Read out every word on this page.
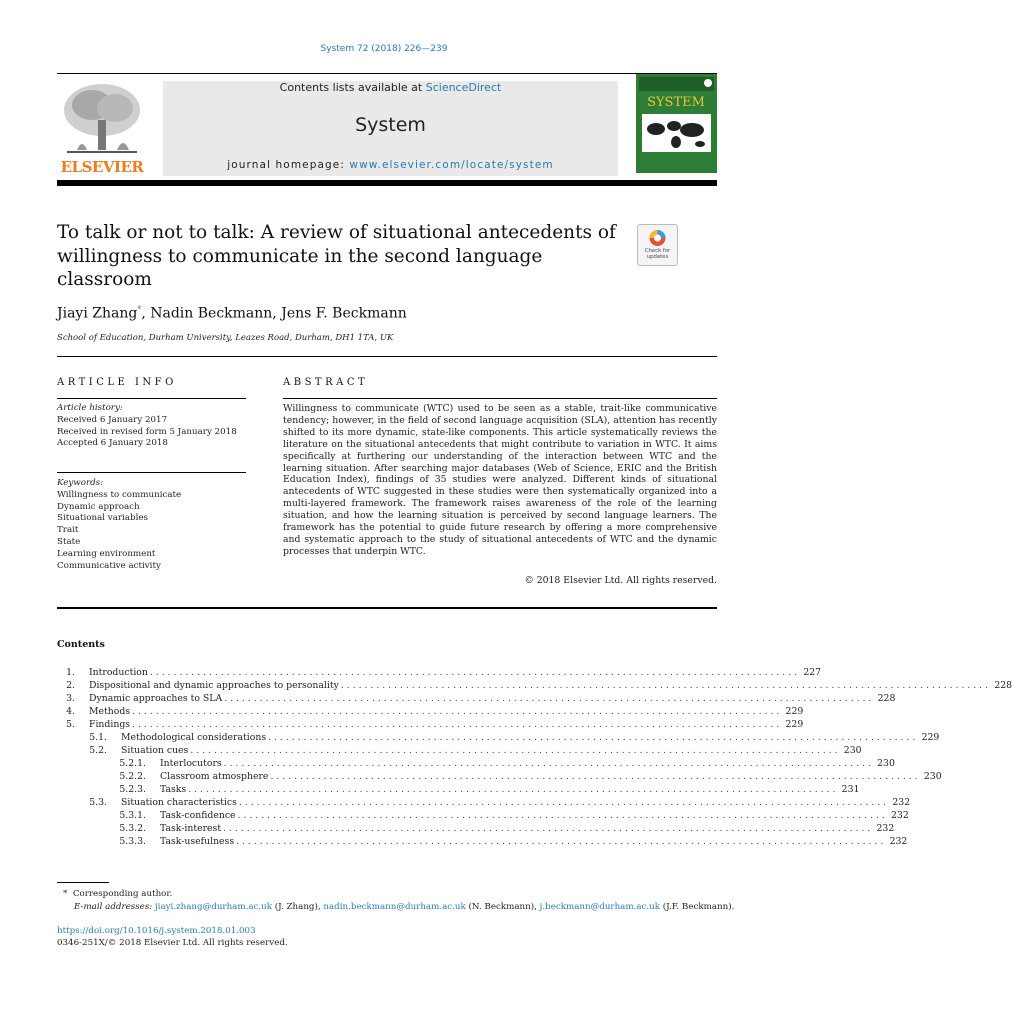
System 72 (2018) 226—239
ELSEVIER
Contents lists available at ScienceDirect
System
journal homepage: www.elsevier.com/locate/system
SYSTEM
To talk or not to talk: A review of situational antecedents of willingness to communicate in the second language classroom
Check for updates
Jiayi Zhang*, Nadin Beckmann, Jens F. Beckmann
School of Education, Durham University, Leazes Road, Durham, DH1 1TA, UK
ARTICLE INFO	ABSTRACT
Article history:
Received 6 January 2017
Received in revised form 5 January 2018
Accepted 6 January 2018
Keywords:
Willingness to communicate
Dynamic approach
Situational variables
Trait
State
Learning environment
Communicative activity
Willingness to communicate (WTC) used to be seen as a stable, trait-like communicative tendency; however, in the field of second language acquisition (SLA), attention has recently shifted to its more dynamic, state-like components. This article systematically reviews the literature on the situational antecedents that might contribute to variation in WTC. It aims specifically at furthering our understanding of the interaction between WTC and the learning situation. After searching major databases (Web of Science, ERIC and the British Education Index), findings of 35 studies were analyzed. Different kinds of situational antecedents of WTC suggested in these studies were then systematically organized into a multi-layered framework. The framework raises awareness of the role of the learning situation, and how the learning situation is perceived by second language learners. The framework has the potential to guide future research by offering a more comprehensive and systematic approach to the study of situational antecedents of WTC and the dynamic processes that underpin WTC.
© 2018 Elsevier Ltd. All rights reserved.
Contents
1.	Introduction . . . . . . . . . . . . . . . . . . . . . . . . . . . . . . . . . . . . . . . . . . . . . . . . . . . . . . . . . . . . . . . . . . . . . . . . . . . . . . . . . . . . . . . . . . . . . . . . . . . . . . . . . . . . . . 227
2.	Dispositional and dynamic approaches to personality . . . . . . . . . . . . . . . . . . . . . . . . . . . . . . . . . . . . . . . . . . . . . . . . . . . . . . . . . . . . . . . . . . . . . . . . . . . . . . . . . . . . . . . . . . . . . . . . . . . . . . . . . . . . . . 228
3.	Dynamic approaches to SLA . . . . . . . . . . . . . . . . . . . . . . . . . . . . . . . . . . . . . . . . . . . . . . . . . . . . . . . . . . . . . . . . . . . . . . . . . . . . . . . . . . . . . . . . . . . . . . . . . . . . . . . . . . . . . . 228
4.	Methods . . . . . . . . . . . . . . . . . . . . . . . . . . . . . . . . . . . . . . . . . . . . . . . . . . . . . . . . . . . . . . . . . . . . . . . . . . . . . . . . . . . . . . . . . . . . . . . . . . . . . . . . . . . . . . 229
5.	Findings . . . . . . . . . . . . . . . . . . . . . . . . . . . . . . . . . . . . . . . . . . . . . . . . . . . . . . . . . . . . . . . . . . . . . . . . . . . . . . . . . . . . . . . . . . . . . . . . . . . . . . . . . . . . . . 229
5.1.	Methodological considerations . . . . . . . . . . . . . . . . . . . . . . . . . . . . . . . . . . . . . . . . . . . . . . . . . . . . . . . . . . . . . . . . . . . . . . . . . . . . . . . . . . . . . . . . . . . . . . . . . . . . . . . . . . . . . . 229
5.2.	Situation cues . . . . . . . . . . . . . . . . . . . . . . . . . . . . . . . . . . . . . . . . . . . . . . . . . . . . . . . . . . . . . . . . . . . . . . . . . . . . . . . . . . . . . . . . . . . . . . . . . . . . . . . . . . . . . . 230
5.2.1.	Interlocutors . . . . . . . . . . . . . . . . . . . . . . . . . . . . . . . . . . . . . . . . . . . . . . . . . . . . . . . . . . . . . . . . . . . . . . . . . . . . . . . . . . . . . . . . . . . . . . . . . . . . . . . . . . . . . . 230
5.2.2.	Classroom atmosphere . . . . . . . . . . . . . . . . . . . . . . . . . . . . . . . . . . . . . . . . . . . . . . . . . . . . . . . . . . . . . . . . . . . . . . . . . . . . . . . . . . . . . . . . . . . . . . . . . . . . . . . . . . . . . . 230
5.2.3.	Tasks . . . . . . . . . . . . . . . . . . . . . . . . . . . . . . . . . . . . . . . . . . . . . . . . . . . . . . . . . . . . . . . . . . . . . . . . . . . . . . . . . . . . . . . . . . . . . . . . . . . . . . . . . . . . . . 231
5.3.	Situation characteristics . . . . . . . . . . . . . . . . . . . . . . . . . . . . . . . . . . . . . . . . . . . . . . . . . . . . . . . . . . . . . . . . . . . . . . . . . . . . . . . . . . . . . . . . . . . . . . . . . . . . . . . . . . . . . . 232
5.3.1.	Task-confidence . . . . . . . . . . . . . . . . . . . . . . . . . . . . . . . . . . . . . . . . . . . . . . . . . . . . . . . . . . . . . . . . . . . . . . . . . . . . . . . . . . . . . . . . . . . . . . . . . . . . . . . . . . . . . . 232
5.3.2.	Task-interest . . . . . . . . . . . . . . . . . . . . . . . . . . . . . . . . . . . . . . . . . . . . . . . . . . . . . . . . . . . . . . . . . . . . . . . . . . . . . . . . . . . . . . . . . . . . . . . . . . . . . . . . . . . . . . 232
5.3.3.	Task-usefulness . . . . . . . . . . . . . . . . . . . . . . . . . . . . . . . . . . . . . . . . . . . . . . . . . . . . . . . . . . . . . . . . . . . . . . . . . . . . . . . . . . . . . . . . . . . . . . . . . . . . . . . . . . . . . . 232
* Corresponding author.
E-mail addresses: jiayi.zhang@durham.ac.uk (J. Zhang), nadin.beckmann@durham.ac.uk (N. Beckmann), j.beckmann@durham.ac.uk (J.F. Beckmann).
https://doi.org/10.1016/j.system.2018.01.003
0346-251X/© 2018 Elsevier Ltd. All rights reserved.
